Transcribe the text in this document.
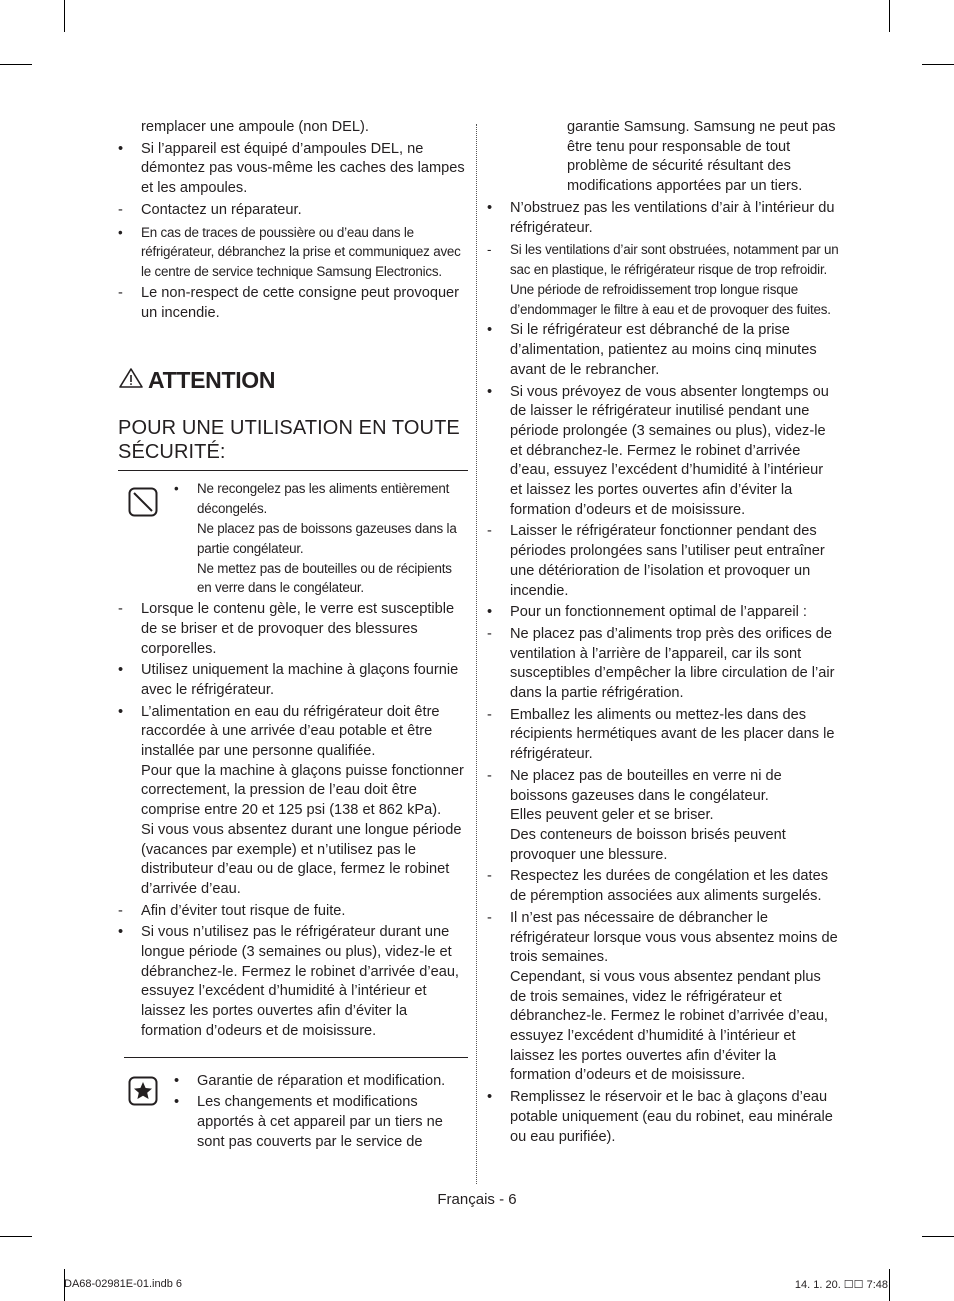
remplacer une ampoule (non DEL).
•	Si l’appareil est équipé d’ampoules DEL, ne démontez pas vous-même les caches des lampes et les ampoules.
-	Contactez un réparateur.
•	En cas de traces de poussière ou d’eau dans le réfrigérateur, débranchez la prise et communiquez avec le centre de service technique Samsung Electronics.
-	Le non-respect de cette consigne peut provoquer un incendie.
ATTENTION
POUR UNE UTILISATION EN TOUTE SÉCURITÉ:
•	Ne recongelez pas les aliments entièrement décongelés.
Ne placez pas de boissons gazeuses dans la partie congélateur.
Ne mettez pas de bouteilles ou de récipients en verre dans le congélateur.
-	Lorsque le contenu gèle, le verre est susceptible de se briser et de provoquer des blessures corporelles.
•	Utilisez uniquement la machine à glaçons fournie avec le réfrigérateur.
•	L’alimentation en eau du réfrigérateur doit être raccordée à une arrivée d’eau potable et être installée par une personne qualifiée.
Pour que la machine à glaçons puisse fonctionner correctement, la pression de l’eau doit être comprise entre 20 et 125 psi (138 et 862 kPa).
Si vous vous absentez durant une longue période (vacances par exemple) et n’utilisez pas le distributeur d’eau ou de glace, fermez le robinet d’arrivée d’eau.
-	Afin d’éviter tout risque de fuite.
•	Si vous n’utilisez pas le réfrigérateur durant une longue période (3 semaines ou plus), videz-le et débranchez-le. Fermez le robinet d’arrivée d’eau, essuyez l’excédent d’humidité à l’intérieur et laissez les portes ouvertes afin d’éviter la formation d’odeurs et de moisissure.
•	Garantie de réparation et modification.
•	Les changements et modifications apportés à cet appareil par un tiers ne sont pas couverts par le service de
garantie Samsung. Samsung ne peut pas être tenu pour responsable de tout problème de sécurité résultant des modifications apportées par un tiers.
•	N’obstruez pas les ventilations d’air à l’intérieur du réfrigérateur.
-	Si les ventilations d’air sont obstruées, notamment par un sac en plastique, le réfrigérateur risque de trop refroidir. Une période de refroidissement trop longue risque d’endommager le filtre à eau et de provoquer des fuites.
•	Si le réfrigérateur est débranché de la prise d’alimentation, patientez au moins cinq minutes avant de le rebrancher.
•	Si vous prévoyez de vous absenter longtemps ou de laisser le réfrigérateur inutilisé pendant une période prolongée (3 semaines ou plus), videz-le et débranchez-le. Fermez le robinet d’arrivée d’eau, essuyez l’excédent d’humidité à l’intérieur et laissez les portes ouvertes afin d’éviter la formation d’odeurs et de moisissure.
-	Laisser le réfrigérateur fonctionner pendant des périodes prolongées sans l’utiliser peut entraîner une détérioration de l’isolation et provoquer un incendie.
•	Pour un fonctionnement optimal de l’appareil :
-	Ne placez pas d’aliments trop près des orifices de ventilation à l’arrière de l’appareil, car ils sont susceptibles d’empêcher la libre circulation de l’air dans la partie réfrigération.
-	Emballez les aliments ou mettez-les dans des récipients hermétiques avant de les placer dans le réfrigérateur.
-	Ne placez pas de bouteilles en verre ni de boissons gazeuses dans le congélateur.
Elles peuvent geler et se briser.
Des conteneurs de boisson brisés peuvent provoquer une blessure.
-	Respectez les durées de congélation et les dates de péremption associées aux aliments surgelés.
-	Il n’est pas nécessaire de débrancher le réfrigérateur lorsque vous vous absentez moins de trois semaines.
Cependant, si vous vous absentez pendant plus de trois semaines, videz le réfrigérateur et débranchez-le. Fermez le robinet d’arrivée d’eau, essuyez l’excédent d’humidité à l’intérieur et laissez les portes ouvertes afin d’éviter la formation d’odeurs et de moisissure.
•	Remplissez le réservoir et le bac à glaçons d’eau potable uniquement (eau du robinet, eau minérale ou eau purifiée).
Français - 6
DA68-02981E-01.indb 6	14. 1. 20. ☐☐ 7:48
